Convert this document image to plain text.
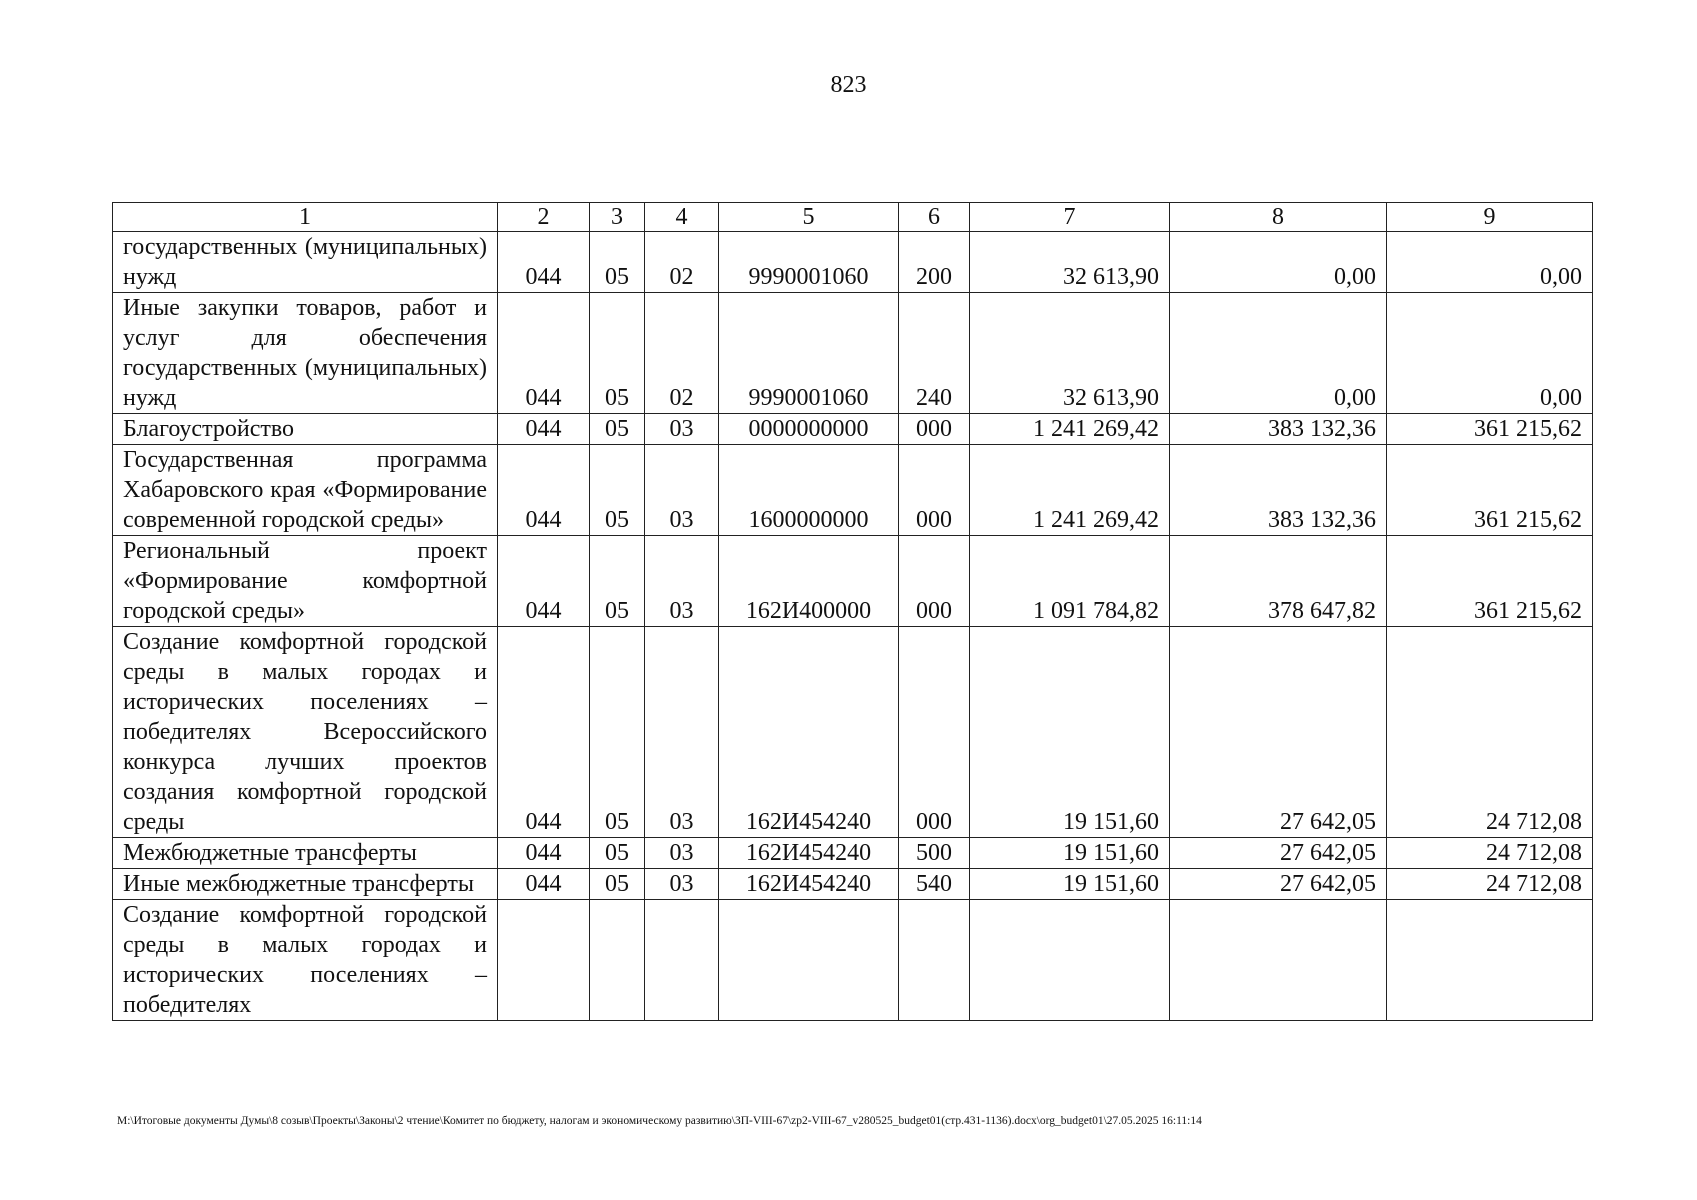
823
1	2	3	4	5	6	7	8	9
государственных (муниципальных) нужд	044	05	02	9990001060	200	32 613,90	0,00	0,00
Иные закупки товаров, работ и услуг для обеспечения государственных (муниципальных) нужд	044	05	02	9990001060	240	32 613,90	0,00	0,00
Благоустройство	044	05	03	0000000000	000	1 241 269,42	383 132,36	361 215,62
Государственная программа Хабаровского края «Формирование современной городской среды»	044	05	03	1600000000	000	1 241 269,42	383 132,36	361 215,62
Региональный проект «Формирование комфортной городской среды»	044	05	03	162И400000	000	1 091 784,82	378 647,82	361 215,62
Создание комфортной городской среды в малых городах и исторических поселениях – победителях Всероссийского конкурса лучших проектов создания комфортной городской среды	044	05	03	162И454240	000	19 151,60	27 642,05	24 712,08
Межбюджетные трансферты	044	05	03	162И454240	500	19 151,60	27 642,05	24 712,08
Иные межбюджетные трансферты	044	05	03	162И454240	540	19 151,60	27 642,05	24 712,08
Создание комфортной городской среды в малых городах и исторических поселениях – победителях								
M:\Итоговые документы Думы\8 созыв\Проекты\Законы\2 чтение\Комитет по бюджету, налогам и экономическому развитию\ЗП-VIII-67\zp2-VIII-67_v280525_budget01(стр.431-1136).docx\org_budget01\27.05.2025 16:11:14
